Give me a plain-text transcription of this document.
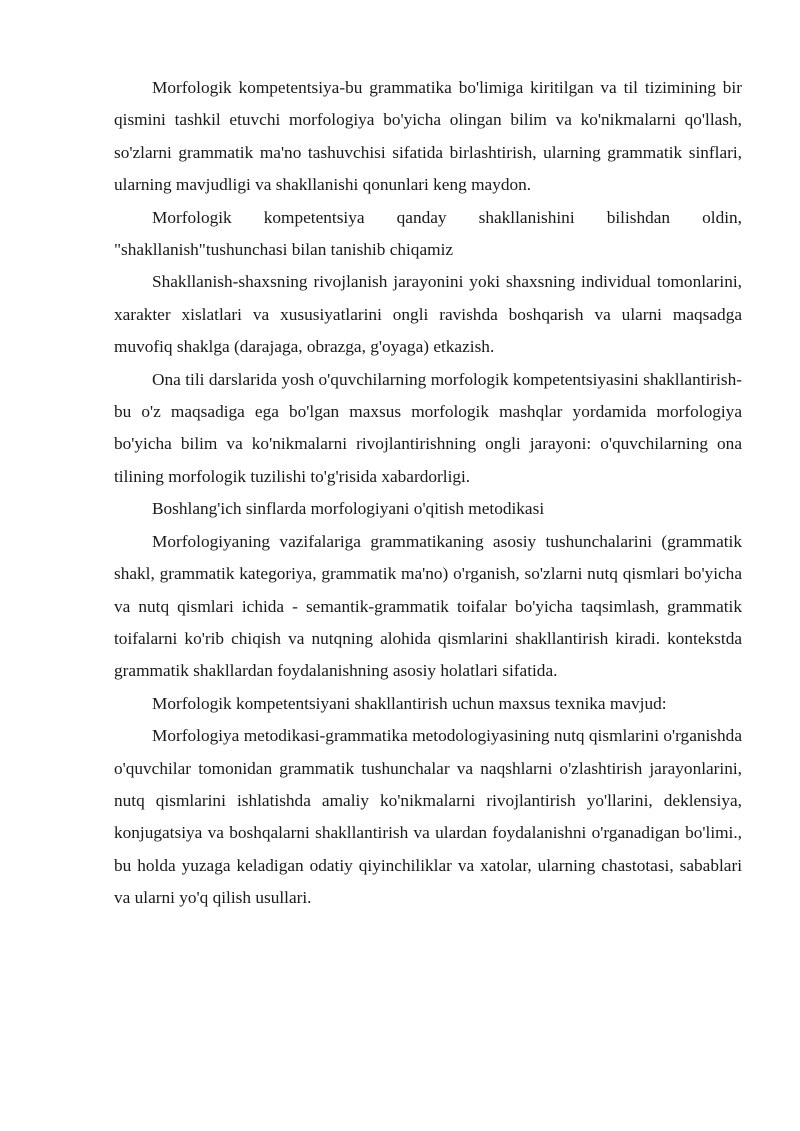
Morfologik kompetentsiya-bu grammatika bo'limiga kiritilgan va til tizimining bir qismini tashkil etuvchi morfologiya bo'yicha olingan bilim va ko'nikmalarni qo'llash, so'zlarni grammatik ma'no tashuvchisi sifatida birlashtirish, ularning grammatik sinflari, ularning mavjudligi va shakllanishi qonunlari keng maydon.

Morfologik kompetentsiya qanday shakllanishini bilishdan oldin, "shakllanish"tushunchasi bilan tanishib chiqamiz

Shakllanish-shaxsning rivojlanish jarayonini yoki shaxsning individual tomonlarini, xarakter xislatlari va xususiyatlarini ongli ravishda boshqarish va ularni maqsadga muvofiq shaklga (darajaga, obrazga, g'oyaga) etkazish.

Ona tili darslarida yosh o'quvchilarning morfologik kompetentsiyasini shakllantirish-bu o'z maqsadiga ega bo'lgan maxsus morfologik mashqlar yordamida morfologiya bo'yicha bilim va ko'nikmalarni rivojlantirishning ongli jarayoni: o'quvchilarning ona tilining morfologik tuzilishi to'g'risida xabardorligi.

Boshlang'ich sinflarda morfologiyani o'qitish metodikasi

Morfologiyaning vazifalariga grammatikaning asosiy tushunchalarini (grammatik shakl, grammatik kategoriya, grammatik ma'no) o'rganish, so'zlarni nutq qismlari bo'yicha va nutq qismlari ichida - semantik-grammatik toifalar bo'yicha taqsimlash, grammatik toifalarni ko'rib chiqish va nutqning alohida qismlarini shakllantirish kiradi. kontekstda grammatik shakllardan foydalanishning asosiy holatlari sifatida.

Morfologik kompetentsiyani shakllantirish uchun maxsus texnika mavjud:

Morfologiya metodikasi-grammatika metodologiyasining nutq qismlarini o'rganishda o'quvchilar tomonidan grammatik tushunchalar va naqshlarni o'zlashtirish jarayonlarini, nutq qismlarini ishlatishda amaliy ko'nikmalarni rivojlantirish yo'llarini, deklensiya, konjugatsiya va boshqalarni shakllantirish va ulardan foydalanishni o'rganadigan bo'limi., bu holda yuzaga keladigan odatiy qiyinchiliklar va xatolar, ularning chastotasi, sabablari va ularni yo'q qilish usullari.
